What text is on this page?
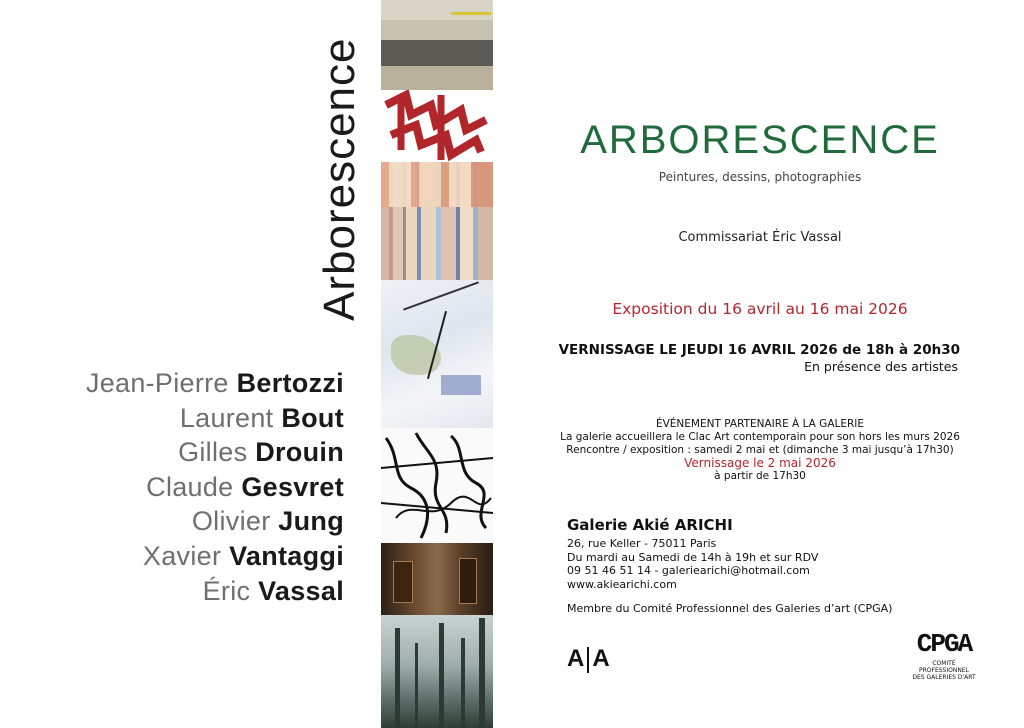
Arborescence
Jean-Pierre Bertozzi
Laurent Bout
Gilles Drouin
Claude Gesvret
Olivier Jung
Xavier Vantaggi
Éric Vassal
ARBORESCENCE
Peintures, dessins, photographies
Commissariat Éric Vassal
Exposition du 16 avril au 16 mai 2026
VERNISSAGE LE JEUDI 16 AVRIL 2026 de 18h à 20h30
En présence des artistes
ÉVÉNEMENT PARTENAIRE À LA GALERIE
La galerie accueillera le Clac Art contemporain pour son hors les murs 2026
Rencontre / exposition : samedi 2 mai et (dimanche 3 mai jusqu’à 17h30)
Vernissage le 2 mai 2026
à partir de 17h30
Galerie Akié ARICHI
26, rue Keller - 75011 Paris
Du mardi au Samedi de 14h à 19h et sur RDV
09 51 46 51 14 - galeriearichi@hotmail.com
www.akiearichi.com
Membre du Comité Professionnel des Galeries d’art (CPGA)
A A	CPGA
COMITÉ PROFESSIONNEL
DES GALERIES D'ART
